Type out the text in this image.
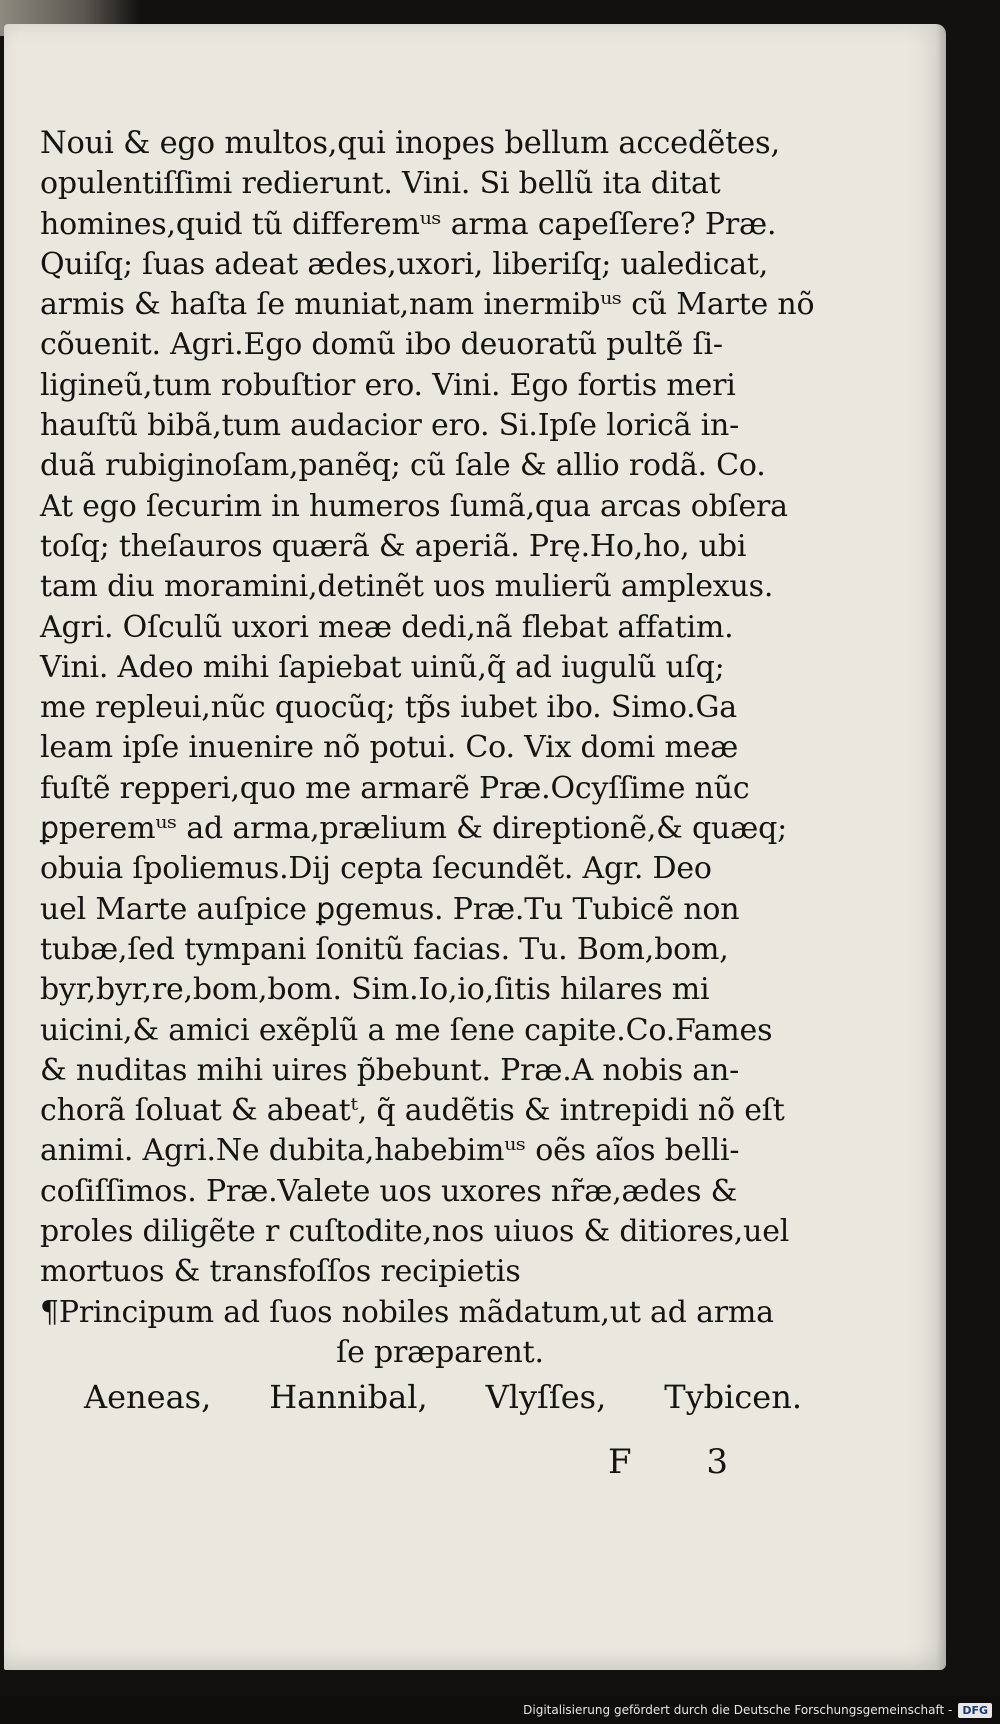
Noui & ego multos,qui inopes bellum accedẽtes,
opulentiſſimi redierunt. Vini. Si bellũ ita ditat
homines,quid tũ differemᵘˢ arma capeſſere? Præ.
Quiſq; ſuas adeat ædes,uxori, liberiſq; ualedicat,
armis & haſta ſe muniat,nam inermibᵘˢ cũ Marte nõ
cõuenit. Agri.Ego domũ ibo deuoratũ pultẽ ſi-
ligineũ,tum robuſtior ero. Vini. Ego fortis meri
hauſtũ bibã,tum audacior ero. Si.Ipſe loricã in-
duã rubiginoſam,panẽq; cũ ſale & allio rodã. Co.
At ego ſecurim in humeros ſumã,qua arcas obſera
toſq; theſauros quærã & aperiã. Prę.Ho,ho, ubi
tam diu moramini,detinẽt uos mulierũ amplexus.
Agri. Oſculũ uxori meæ dedi,nã flebat affatim.
Vini. Adeo mihi ſapiebat uinũ,q̃ ad iugulũ uſq;
me repleui,nũc quocũq; tp̃s iubet ibo. Simo.Ga
leam ipſe inuenire nõ potui. Co. Vix domi meæ
fuſtẽ repperi,quo me armarẽ Præ.Ocyſſime nũc
ꝑperemᵘˢ ad arma,prælium & direptionẽ,& quæq;
obuia ſpoliemus.Dij cepta ſecundẽt. Agr. Deo
uel Marte auſpice ꝑgemus. Præ.Tu Tubicẽ non
tubæ,ſed tympani ſonitũ facias. Tu. Bom,bom,
byr,byr,re,bom,bom. Sim.Io,io,ſitis hilares mi
uicini,& amici exẽplũ a me ſene capite.Co.Fames
& nuditas mihi uires p̃bebunt. Præ.A nobis an-
chorã ſoluat & abeatᵗ, q̃ audẽtis & intrepidi nõ eſt
animi. Agri.Ne dubita,habebimᵘˢ oẽs aĩos belli-
coſiſſimos. Præ.Valete uos uxores nr̃æ,ædes &
proles diligẽte r cuſtodite,nos uiuos & ditiores,uel
mortuos & transfoſſos recipietis
¶Principum ad ſuos nobiles mãdatum,ut ad arma
ſe præparent.
Aeneas, Hannibal, Vlyſſes, Tybicen.
F 3
Digitalisierung gefördert durch die Deutsche Forschungsgemeinschaft - DFG
